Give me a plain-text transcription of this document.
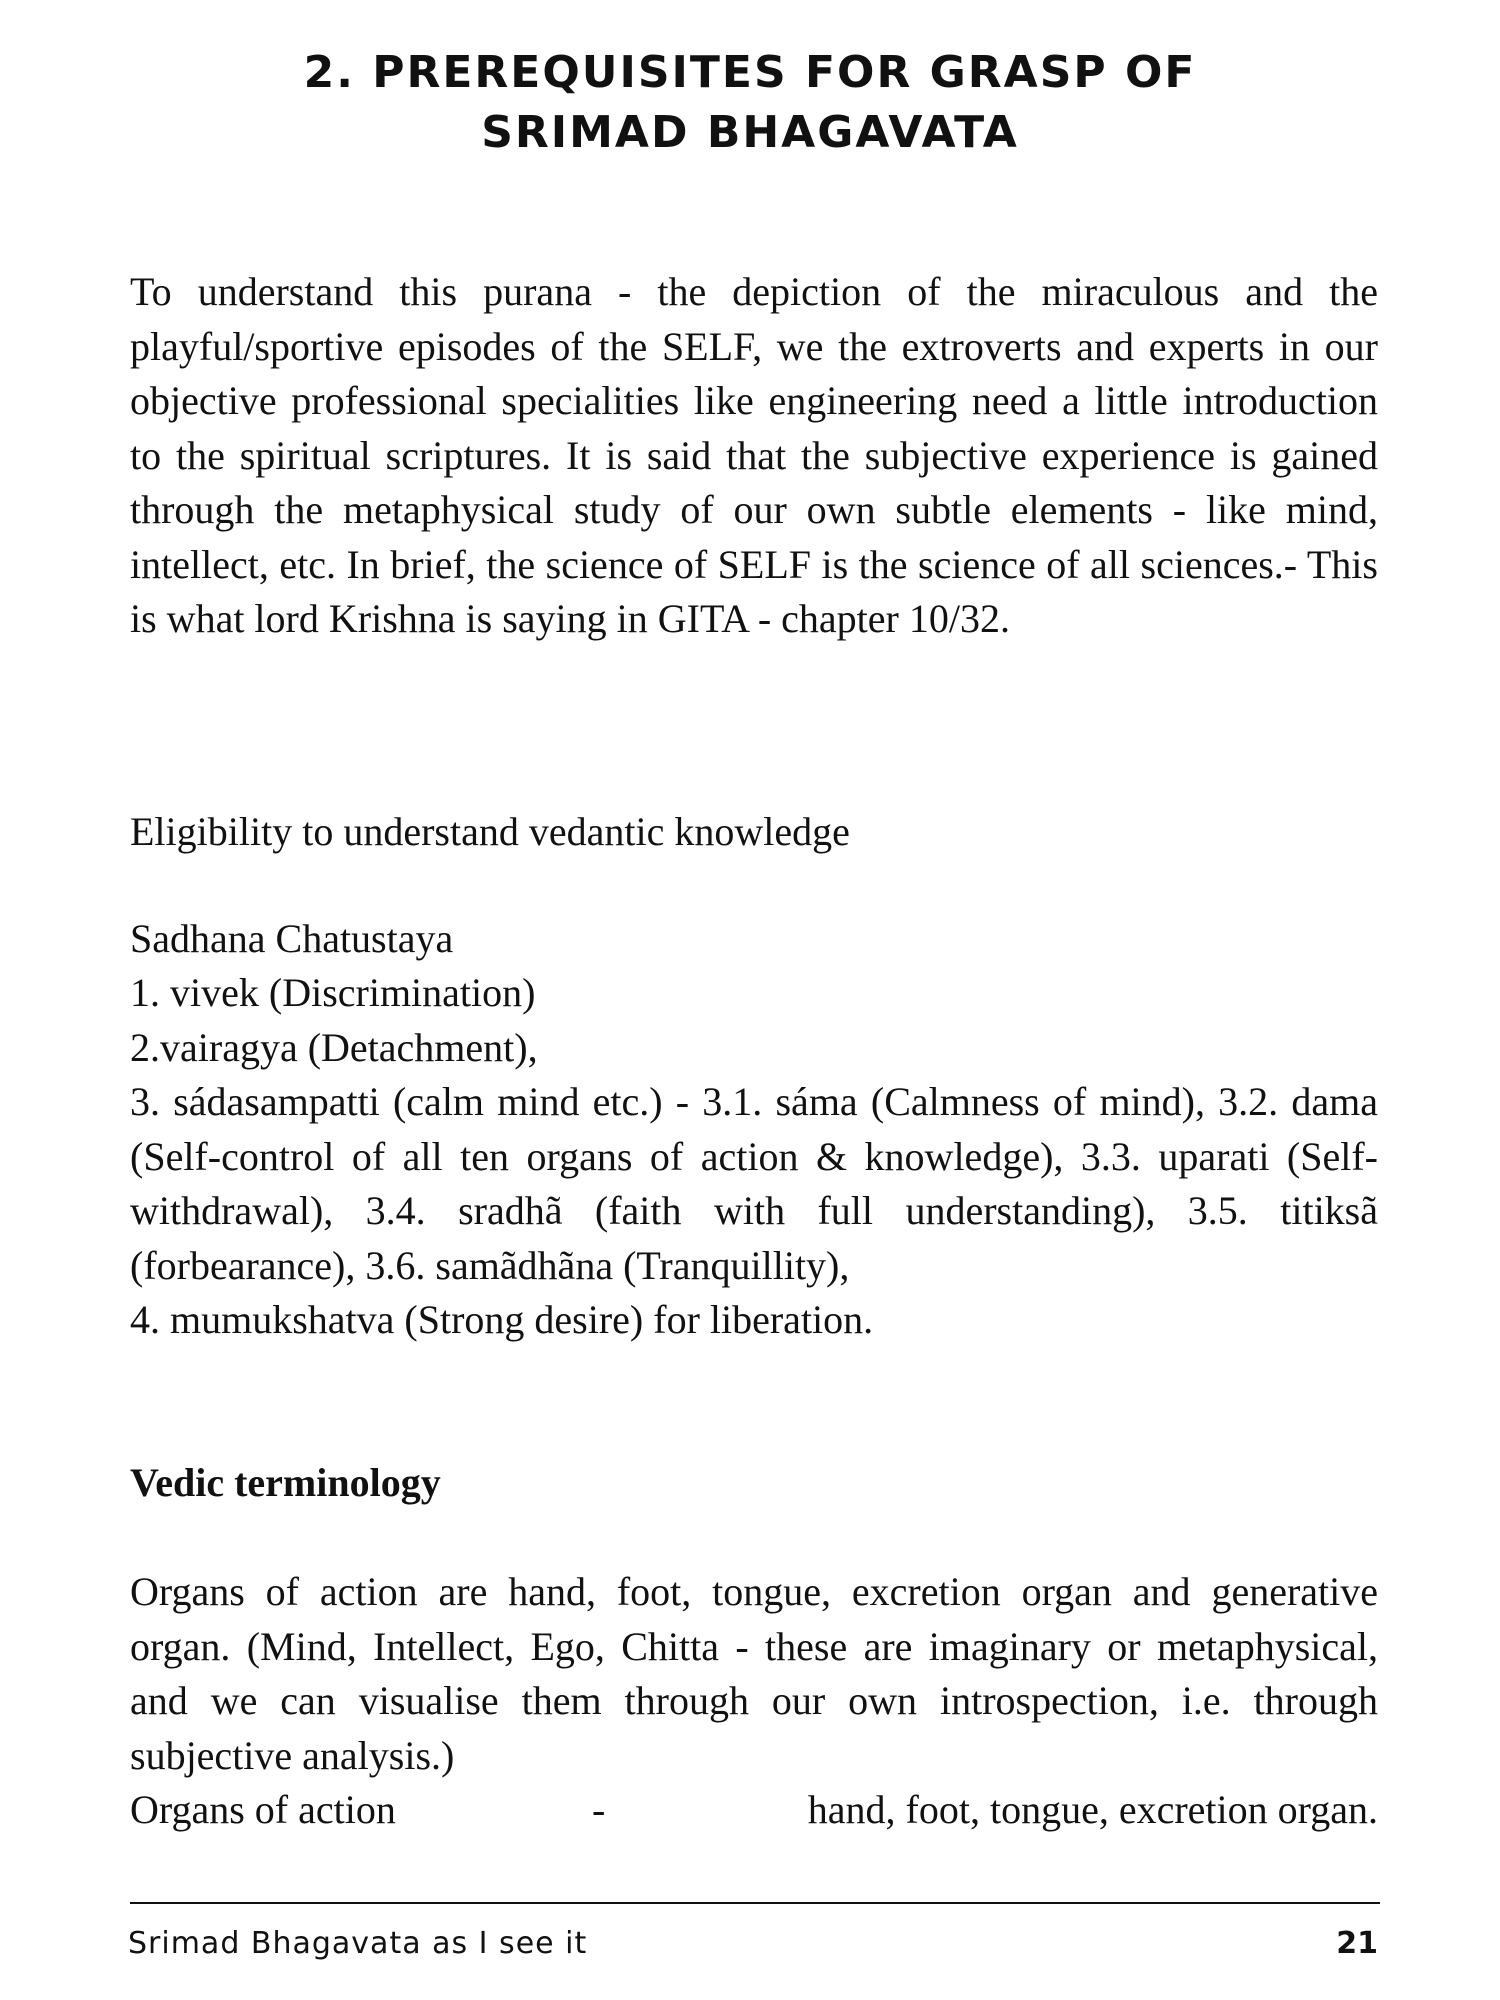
2. PREREQUISITES FOR GRASP OF
SRIMAD BHAGAVATA

To understand this purana - the depiction of the miraculous and the playful/sportive episodes of the SELF, we the extroverts and experts in our objective professional specialities like engineering need a little introduction to the spiritual scriptures. It is said that the subjective experience is gained through the metaphysical study of our own subtle elements - like mind, intellect, etc. In brief, the science of SELF is the science of all sciences.- This is what lord Krishna is saying in GITA - chapter 10/32.

Eligibility to understand vedantic knowledge

Sadhana Chatustaya

1. vivek (Discrimination)
2.vairagya (Detachment),
3. sádasampatti (calm mind etc.) - 3.1. sáma (Calmness of mind), 3.2. dama (Self-control of all ten organs of action & knowledge), 3.3. uparati (Self-withdrawal), 3.4. sradhã (faith with full understanding), 3.5. titiksã (forbearance), 3.6. samãdhãna (Tranquillity),
4. mumukshatva (Strong desire) for liberation.
Vedic terminology

Organs of action are hand, foot, tongue, excretion organ and generative organ. (Mind, Intellect, Ego, Chitta - these are imaginary or metaphysical, and we can visualise them through our own introspection, i.e. through subjective analysis.)

Organs of action	-	hand, foot, tongue, excretion organ.
Srimad Bhagavata as I see it	21
